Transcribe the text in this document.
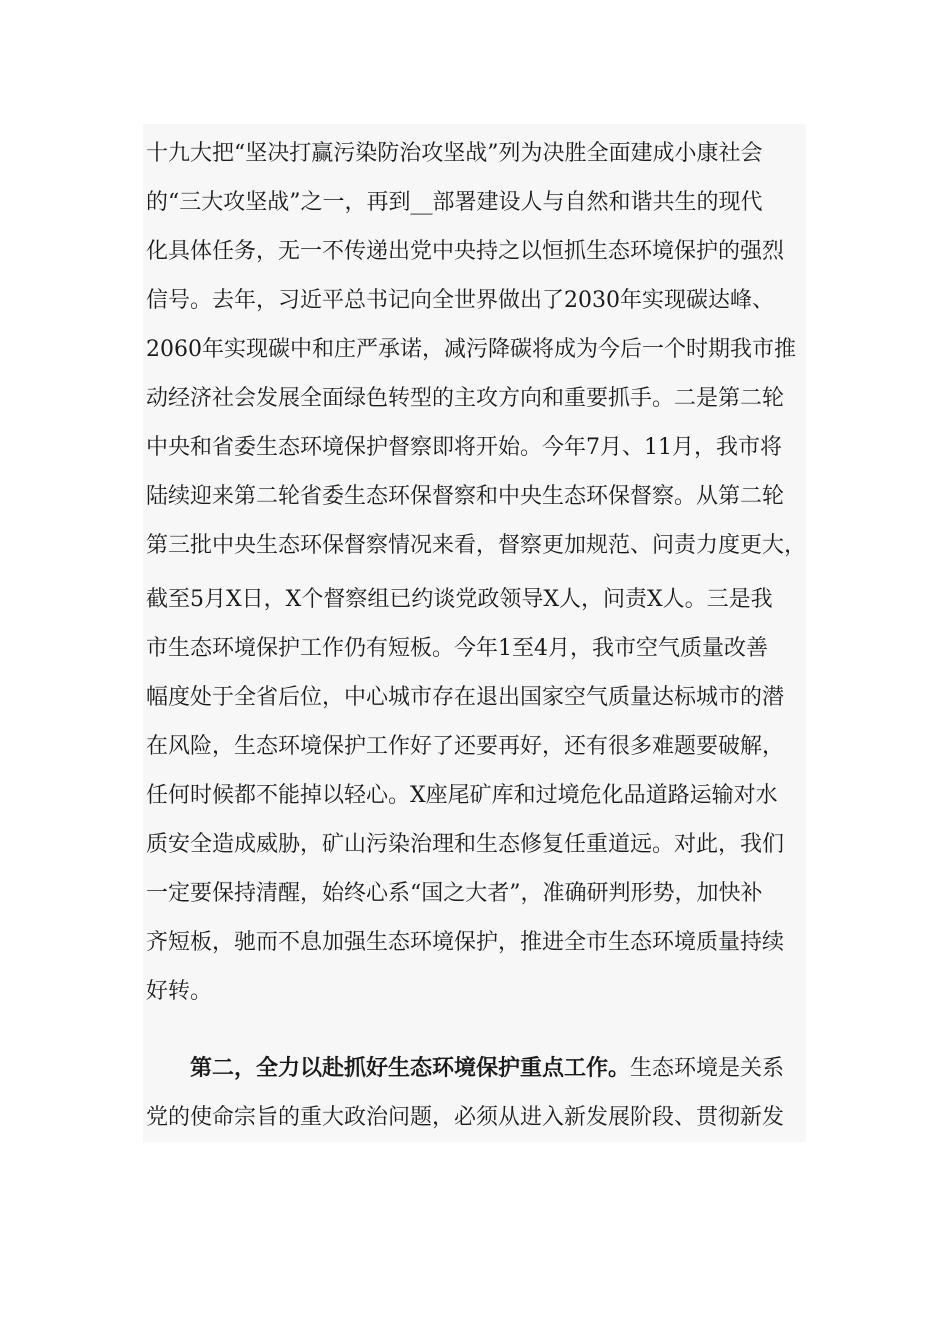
十九大把“坚决打赢污染防治攻坚战”列为决胜全面建成小康社会
的“三大攻坚战”之一，再到__部署建设人与自然和谐共生的现代
化具体任务，无一不传递出党中央持之以恒抓生态环境保护的强烈
信号。去年，习近平总书记向全世界做出了2030年实现碳达峰、
2060年实现碳中和庄严承诺，减污降碳将成为今后一个时期我市推
动经济社会发展全面绿色转型的主攻方向和重要抓手。二是第二轮
中央和省委生态环境保护督察即将开始。今年7月、11月，我市将
陆续迎来第二轮省委生态环保督察和中央生态环保督察。从第二轮
第三批中央生态环保督察情况来看，督察更加规范、问责力度更大，
截至5月X日，X个督察组已约谈党政领导X人，问责X人。三是我
市生态环境保护工作仍有短板。今年1至4月，我市空气质量改善
幅度处于全省后位，中心城市存在退出国家空气质量达标城市的潜
在风险，生态环境保护工作好了还要再好，还有很多难题要破解，
任何时候都不能掉以轻心。X座尾矿库和过境危化品道路运输对水
质安全造成威胁，矿山污染治理和生态修复任重道远。对此，我们
一定要保持清醒，始终心系“国之大者”，准确研判形势，加快补
齐短板，驰而不息加强生态环境保护，推进全市生态环境质量持续
好转。
第二，全力以赴抓好生态环境保护重点工作。生态环境是关系
党的使命宗旨的重大政治问题，必须从进入新发展阶段、贯彻新发
